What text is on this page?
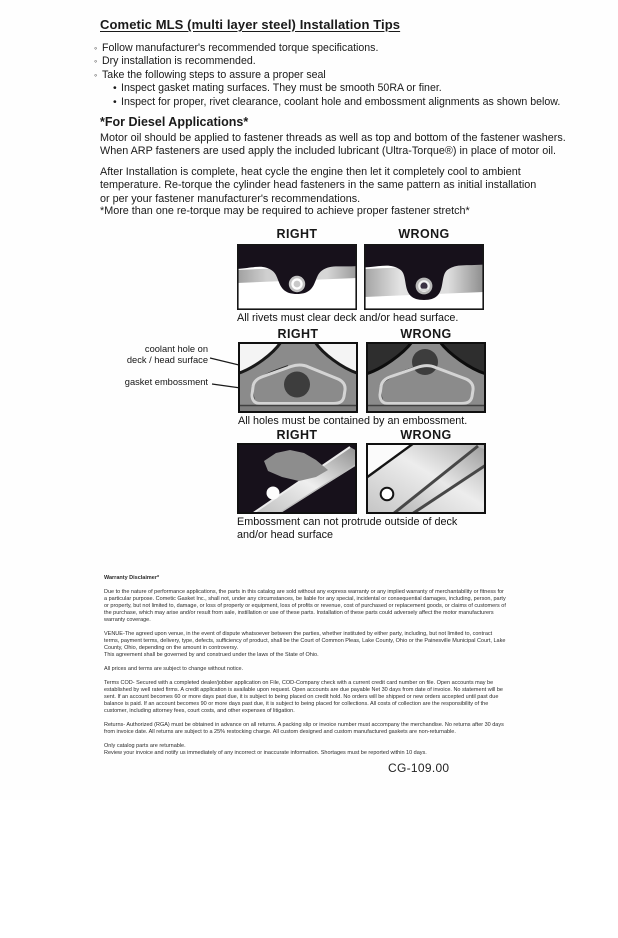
Cometic MLS (multi layer steel) Installation Tips
◦ Follow manufacturer's recommended torque specifications.
◦ Dry installation is recommended.
◦ Take the following steps to assure a proper seal
• Inspect gasket mating surfaces. They must be smooth 50RA or finer.
• Inspect for proper, rivet clearance, coolant hole and embossment alignments as shown below.
*For Diesel Applications*
Motor oil should be applied to fastener threads as well as top and bottom of the fastener washers.
When ARP fasteners are used apply the included lubricant (Ultra-Torque®) in place of motor oil.
After Installation is complete, heat cycle the engine then let it completely cool to ambient
temperature. Re-torque the cylinder head fasteners in the same pattern as initial installation
or per your fastener manufacturer's recommendations.
*More than one re-torque may be required to achieve proper fastener stretch*
RIGHT	WRONG
All rivets must clear deck and/or head surface.
RIGHT	WRONG
coolant hole on
deck / head surface
gasket embossment
All holes must be contained by an embossment.
RIGHT	WRONG
Embossment can not protrude outside of deck
and/or head surface
Warranty Disclaimer*
Due to the nature of performance applications, the parts in this catalog are sold without any express warranty or any implied warranty of merchantability or fitness for a particular purpose. Cometic Gasket Inc., shall not, under any circumstances, be liable for any special, incidental or consequential damages, including, person, party or property, but not limited to, damage, or loss of property or equipment, loss of profits or revenue, cost of purchased or replacement goods, or claims of customers of the purchase, which may arise and/or result from sale, instillation or use of these parts. Installation of these parts could adversely affect the motor manufacturers warranty coverage.
VENUE-The agreed upon venue, in the event of dispute whatsoever between the parties, whether instituted by either party, including, but not limited to, contract terms, payment terms, delivery, type, defects, sufficiency of product, shall be the Court of Common Pleas, Lake County, Ohio or the Painesville Municipal Court, Lake County, Ohio, depending on the amount in controversy.
This agreement shall be governed by and construed under the laws of the State of Ohio.
All prices and terms are subject to change without notice.
Terms COD- Secured with a completed dealer/jobber application on File, COD-Company check with a current credit card number on file. Open accounts may be established by well rated firms. A credit application is available upon request. Open accounts are due payable Net 30 days from date of invoice. No statement will be sent. If an account becomes 60 or more days past due, it is subject to being placed on credit hold. No orders will be shipped or new orders accepted until past due balance is paid. If an account becomes 90 or more days past due, it is subject to being placed for collections. All costs of collection are the responsibility of the customer, including attorney fees, court costs, and other expenses of litigation.
Returns- Authorized (RGA) must be obtained in advance on all returns. A packing slip or invoice number must accompany the merchandise. No returns after 30 days from invoice date. All returns are subject to a 25% restocking charge. All custom designed and custom manufactured gaskets are non-returnable.
Only catalog parts are returnable.
Review your invoice and notify us immediately of any incorrect or inaccurate information. Shortages must be reported within 10 days.
CG-109.00
